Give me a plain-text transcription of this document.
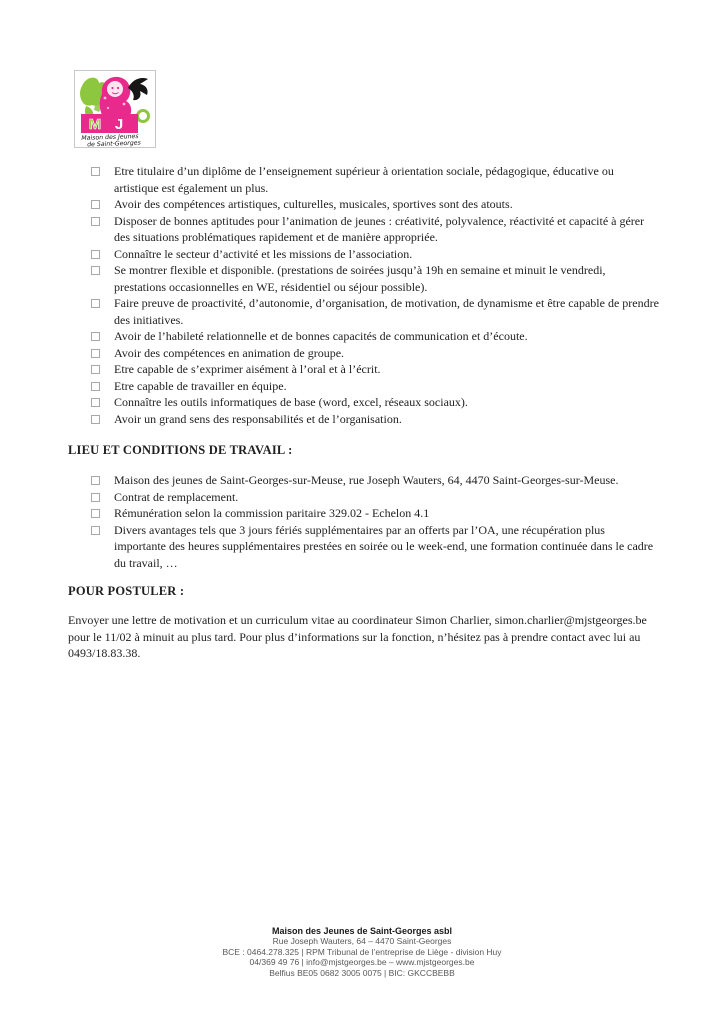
M J
Maison des Jeunes
de Saint-Georges
Etre titulaire d’un diplôme de l’enseignement supérieur à orientation sociale, pédagogique, éducative ou artistique est également un plus.
Avoir des compétences artistiques, culturelles, musicales, sportives sont des atouts.
Disposer de bonnes aptitudes pour l’animation de jeunes : créativité, polyvalence, réactivité et capacité à gérer des situations problématiques rapidement et de manière appropriée.
Connaître le secteur d’activité et les missions de l’association.
Se montrer flexible et disponible. (prestations de soirées jusqu’à 19h en semaine et minuit le vendredi, prestations occasionnelles en WE, résidentiel ou séjour possible).
Faire preuve de proactivité, d’autonomie, d’organisation, de motivation, de dynamisme et être capable de prendre des initiatives.
Avoir de l’habileté relationnelle et de bonnes capacités de communication et d’écoute.
Avoir des compétences en animation de groupe.
Etre capable de s’exprimer aisément à l’oral et à l’écrit.
Etre capable de travailler en équipe.
Connaître les outils informatiques de base (word, excel, réseaux sociaux).
Avoir un grand sens des responsabilités et de l’organisation.
LIEU ET CONDITIONS DE TRAVAIL :
Maison des jeunes de Saint-Georges-sur-Meuse, rue Joseph Wauters, 64, 4470 Saint-Georges-sur-Meuse.
Contrat de remplacement.
Rémunération selon la commission paritaire 329.02 - Echelon 4.1
Divers avantages tels que 3 jours fériés supplémentaires par an offerts par l’OA, une récupération plus importante des heures supplémentaires prestées en soirée ou le week-end, une formation continuée dans le cadre du travail, …
POUR POSTULER :

Envoyer une lettre de motivation et un curriculum vitae au coordinateur Simon Charlier, simon.charlier@mjstgeorges.be pour le 11/02 à minuit au plus tard. Pour plus d’informations sur la fonction, n’hésitez pas à prendre contact avec lui au 0493/18.83.38.

Maison des Jeunes de Saint-Georges asbl
Rue Joseph Wauters, 64 – 4470 Saint-Georges
BCE : 0464.278.325 | RPM Tribunal de l’entreprise de Liège - division Huy
04/369 49 76 | info@mjstgeorges.be – www.mjstgeorges.be
Belfius BE05 0682 3005 0075 | BIC: GKCCBEBB
